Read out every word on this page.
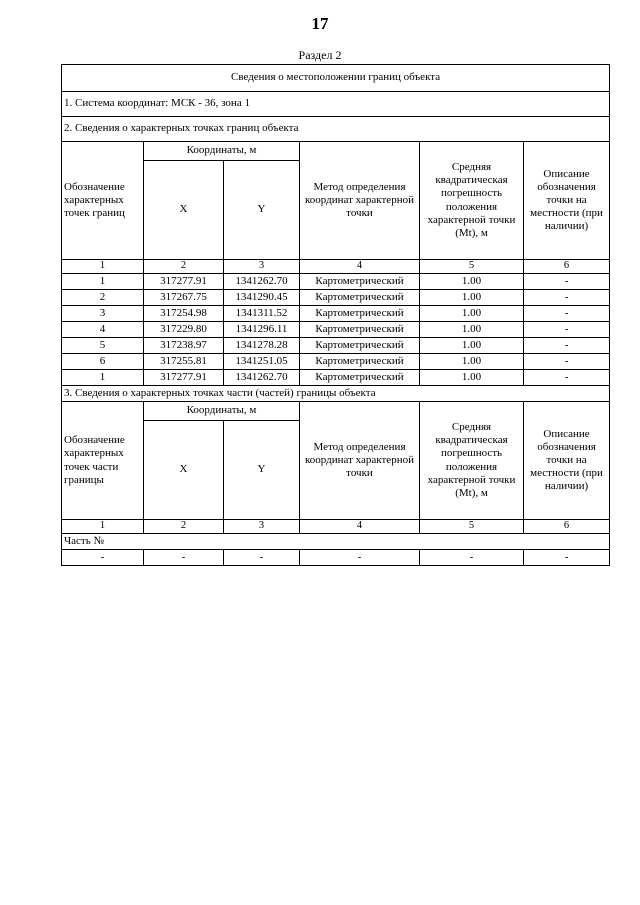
17
Раздел 2
Сведения о местоположении границ объекта					
1. Система координат: МСК - 36, зона 1					
2. Сведения о характерных точках границ объекта					
Обозначение характерных точек границ	Координаты, м		Метод определения координат характерной точки	Средняя квадратическая погрешность положения характерной точки (Mt), м	Описание обозначения точки на местности (при наличии)
	X	Y			
1	2	3	4	5	6
1	317277.91	1341262.70	Картометрический	1.00	-
2	317267.75	1341290.45	Картометрический	1.00	-
3	317254.98	1341311.52	Картометрический	1.00	-
4	317229.80	1341296.11	Картометрический	1.00	-
5	317238.97	1341278.28	Картометрический	1.00	-
6	317255.81	1341251.05	Картометрический	1.00	-
1	317277.91	1341262.70	Картометрический	1.00	-
3. Сведения о характерных точках части (частей) границы объекта					
Обозначение характерных точек части границы	Координаты, м		Метод определения координат характерной точки	Средняя квадратическая погрешность положения характерной точки (Mt), м	Описание обозначения точки на местности (при наличии)
	X	Y			
1	2	3	4	5	6
Часть №					
-	-	-	-	-	-
